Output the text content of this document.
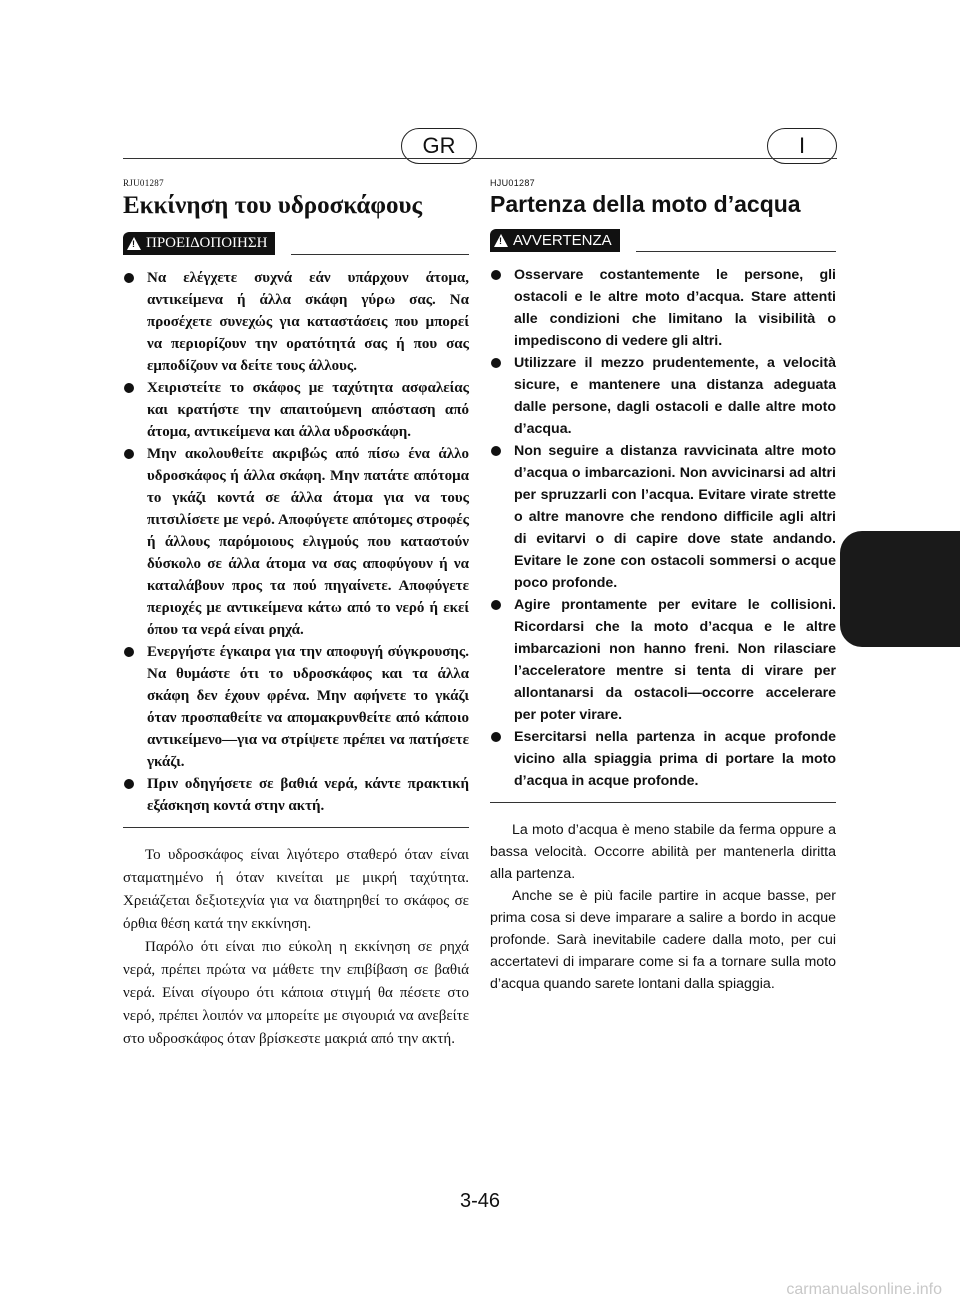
GR	I
RJU01287
Εκκίνηση του υδροσκάφους
! ΠΡΟΕΙΔΟΠΟΙΗΣΗ
Να ελέγχετε συχνά εάν υπάρχουν άτομα, αντικείμενα ή άλλα σκάφη γύρω σας. Να προσέχετε συνεχώς για καταστάσεις που μπορεί να περιορίζουν την ορατότητά σας ή που σας εμποδίζουν να δείτε τους άλλους.
Χειριστείτε το σκάφος με ταχύτητα ασφαλείας και κρατήστε την απαιτούμενη απόσταση από άτομα, αντικείμενα και άλλα υδροσκάφη.
Μην ακολουθείτε ακριβώς από πίσω ένα άλλο υδροσκάφος ή άλλα σκάφη. Μην πατάτε απότομα το γκάζι κοντά σε άλλα άτομα για να τους πιτσιλίσετε με νερό. Αποφύγετε απότομες στροφές ή άλλους παρόμοιους ελιγμούς που καταστούν δύσκολο σε άλλα άτομα να σας αποφύγουν ή να καταλάβουν προς τα πού πηγαίνετε. Αποφύγετε περιοχές με αντικείμενα κάτω από το νερό ή εκεί όπου τα νερά είναι ρηχά.
Ενεργήστε έγκαιρα για την αποφυγή σύγκρουσης. Να θυμάστε ότι το υδροσκάφος και τα άλλα σκάφη δεν έχουν φρένα. Μην αφήνετε το γκάζι όταν προσπαθείτε να απομακρυνθείτε από κάποιο αντικείμενο—για να στρίψετε πρέπει να πατήσετε γκάζι.
Πριν οδηγήσετε σε βαθιά νερά, κάντε πρακτική εξάσκηση κοντά στην ακτή.

Το υδροσκάφος είναι λιγότερο σταθερό όταν είναι σταματημένο ή όταν κινείται με μικρή ταχύτητα. Χρειάζεται δεξιοτεχνία για να διατηρηθεί το σκάφος σε όρθια θέση κατά την εκκίνηση.

Παρόλο ότι είναι πιο εύκολη η εκκίνηση σε ρηχά νερά, πρέπει πρώτα να μάθετε την επιβίβαση σε βαθιά νερά. Είναι σίγουρο ότι κάποια στιγμή θα πέσετε στο νερό, πρέπει λοιπόν να μπορείτε με σιγουριά να ανεβείτε στο υδροσκάφος όταν βρίσκεστε μακριά από την ακτή.

HJU01287
Partenza della moto d’acqua
! AVVERTENZA
Osservare costantemente le persone, gli ostacoli e le altre moto d’acqua. Stare attenti alle condizioni che limitano la visibilità o impediscono di vedere gli altri.
Utilizzare il mezzo prudentemente, a velocità sicure, e mantenere una distanza adeguata dalle persone, dagli ostacoli e dalle altre moto d’acqua.
Non seguire a distanza ravvicinata altre moto d’acqua o imbarcazioni. Non avvicinarsi ad altri per spruzzarli con l’acqua. Evitare virate strette o altre manovre che rendono difficile agli altri di evitarvi o di capire dove state andando. Evitare le zone con ostacoli sommersi o acque poco profonde.
Agire prontamente per evitare le collisioni. Ricordarsi che la moto d’acqua e le altre imbarcazioni non hanno freni. Non rilasciare l’acceleratore mentre si tenta di virare per allontanarsi da ostacoli—occorre accelerare per poter virare.
Esercitarsi nella partenza in acque profonde vicino alla spiaggia prima di portare la moto d’acqua in acque profonde.

La moto d’acqua è meno stabile da ferma oppure a bassa velocità. Occorre abilità per mantenerla diritta alla partenza.

Anche se è più facile partire in acque basse, per prima cosa si deve imparare a salire a bordo in acque profonde. Sarà inevitabile cadere dalla moto, per cui accertatevi di imparare come si fa a tornare sulla moto d’acqua quando sarete lontani dalla spiaggia.

3-46
carmanualsonline.info
